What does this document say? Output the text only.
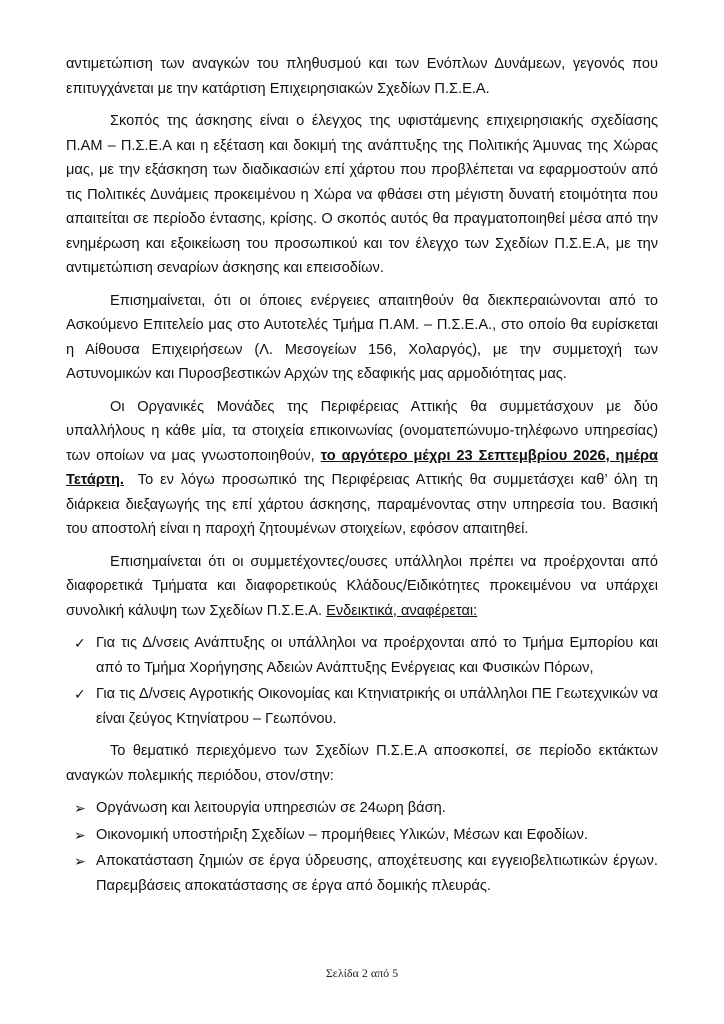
αντιμετώπιση των αναγκών του πληθυσμού και των Ενόπλων Δυνάμεων, γεγονός που επιτυγχάνεται με την κατάρτιση Επιχειρησιακών Σχεδίων Π.Σ.Ε.Α.

Σκοπός της άσκησης είναι ο έλεγχος της υφιστάμενης επιχειρησιακής σχεδίασης Π.ΑΜ – Π.Σ.Ε.Α και η εξέταση και δοκιμή της ανάπτυξης της Πολιτικής Άμυνας της Χώρας μας, με την εξάσκηση των διαδικασιών επί χάρτου που προβλέπεται να εφαρμοστούν από τις Πολιτικές Δυνάμεις προκειμένου η Χώρα να φθάσει στη μέγιστη δυνατή ετοιμότητα που απαιτείται σε περίοδο έντασης, κρίσης. Ο σκοπός αυτός θα πραγματοποιηθεί μέσα από την ενημέρωση και εξοικείωση του προσωπικού και τον έλεγχο των Σχεδίων Π.Σ.Ε.Α, με την αντιμετώπιση σεναρίων άσκησης και επεισοδίων.

Επισημαίνεται, ότι οι όποιες ενέργειες απαιτηθούν θα διεκπεραιώνονται από το Ασκούμενο Επιτελείο μας στο Αυτοτελές Τμήμα Π.ΑΜ. – Π.Σ.Ε.Α., στο οποίο θα ευρίσκεται η Αίθουσα Επιχειρήσεων (Λ. Μεσογείων 156, Χολαργός), με την συμμετοχή των Αστυνομικών και Πυροσβεστικών Αρχών της εδαφικής μας αρμοδιότητας μας.

Οι Οργανικές Μονάδες της Περιφέρειας Αττικής θα συμμετάσχουν με δύο υπαλλήλους η κάθε μία, τα στοιχεία επικοινωνίας (ονοματεπώνυμο-τηλέφωνο υπηρεσίας) των οποίων να μας γνωστοποιηθούν, το αργότερο μέχρι 23 Σεπτεμβρίου 2026, ημέρα Τετάρτη. Το εν λόγω προσωπικό της Περιφέρειας Αττικής θα συμμετάσχει καθ’ όλη τη διάρκεια διεξαγωγής της επί χάρτου άσκησης, παραμένοντας στην υπηρεσία του. Βασική του αποστολή είναι η παροχή ζητουμένων στοιχείων, εφόσον απαιτηθεί.

Επισημαίνεται ότι οι συμμετέχοντες/ουσες υπάλληλοι πρέπει να προέρχονται από διαφορετικά Τμήματα και διαφορετικούς Κλάδους/Ειδικότητες προκειμένου να υπάρχει συνολική κάλυψη των Σχεδίων Π.Σ.Ε.Α. Ενδεικτικά, αναφέρεται:

✓ Για τις Δ/νσεις Ανάπτυξης οι υπάλληλοι να προέρχονται από το Τμήμα Εμπορίου και από το Τμήμα Χορήγησης Αδειών Ανάπτυξης Ενέργειας και Φυσικών Πόρων,
✓ Για τις Δ/νσεις Αγροτικής Οικονομίας και Κτηνιατρικής οι υπάλληλοι ΠΕ Γεωτεχνικών να είναι ζεύγος Κτηνίατρου – Γεωπόνου.

Το θεματικό περιεχόμενο των Σχεδίων Π.Σ.Ε.Α αποσκοπεί, σε περίοδο εκτάκτων αναγκών πολεμικής περιόδου, στον/στην:

➢ Οργάνωση και λειτουργία υπηρεσιών σε 24ωρη βάση.
➢ Οικονομική υποστήριξη Σχεδίων – προμήθειες Υλικών, Μέσων και Εφοδίων.
➢ Αποκατάσταση ζημιών σε έργα ύδρευσης, αποχέτευσης και εγγειοβελτιωτικών έργων. Παρεμβάσεις αποκατάστασης σε έργα από δομικής πλευράς.
Σελίδα 2 από 5
